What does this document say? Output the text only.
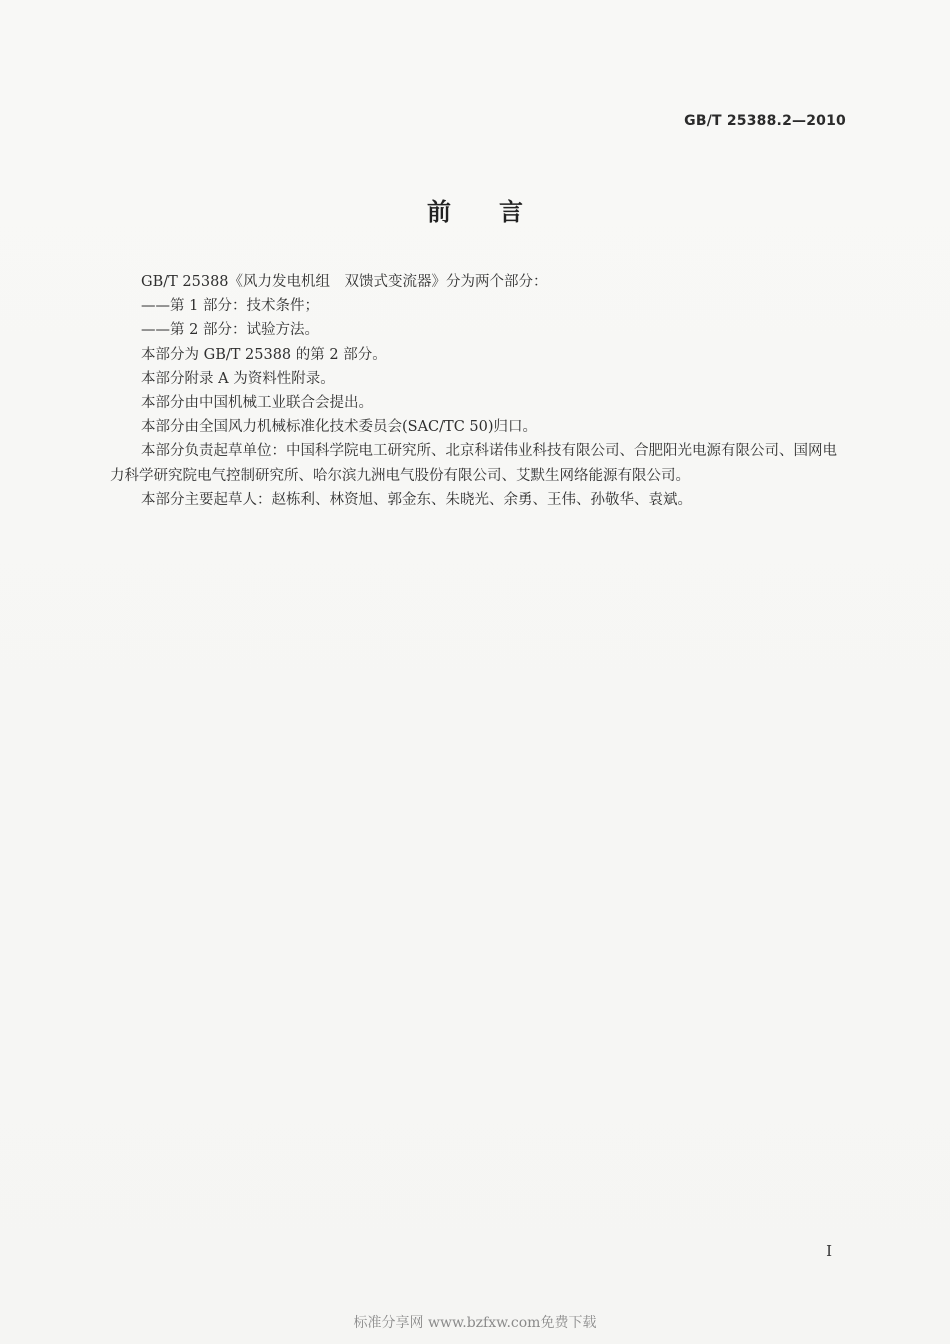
GB/T 25388.2—2010
前言

GB/T 25388《风力发电机组　双馈式变流器》分为两个部分：

——第 1 部分：技术条件；

——第 2 部分：试验方法。

本部分为 GB/T 25388 的第 2 部分。

本部分附录 A 为资料性附录。

本部分由中国机械工业联合会提出。

本部分由全国风力机械标准化技术委员会(SAC/TC 50)归口。

本部分负责起草单位：中国科学院电工研究所、北京科诺伟业科技有限公司、合肥阳光电源有限公司、国网电力科学研究院电气控制研究所、哈尔滨九洲电气股份有限公司、艾默生网络能源有限公司。

本部分主要起草人：赵栋利、林资旭、郭金东、朱晓光、余勇、王伟、孙敬华、袁斌。

I
标准分享网 www.bzfxw.com免费下载
